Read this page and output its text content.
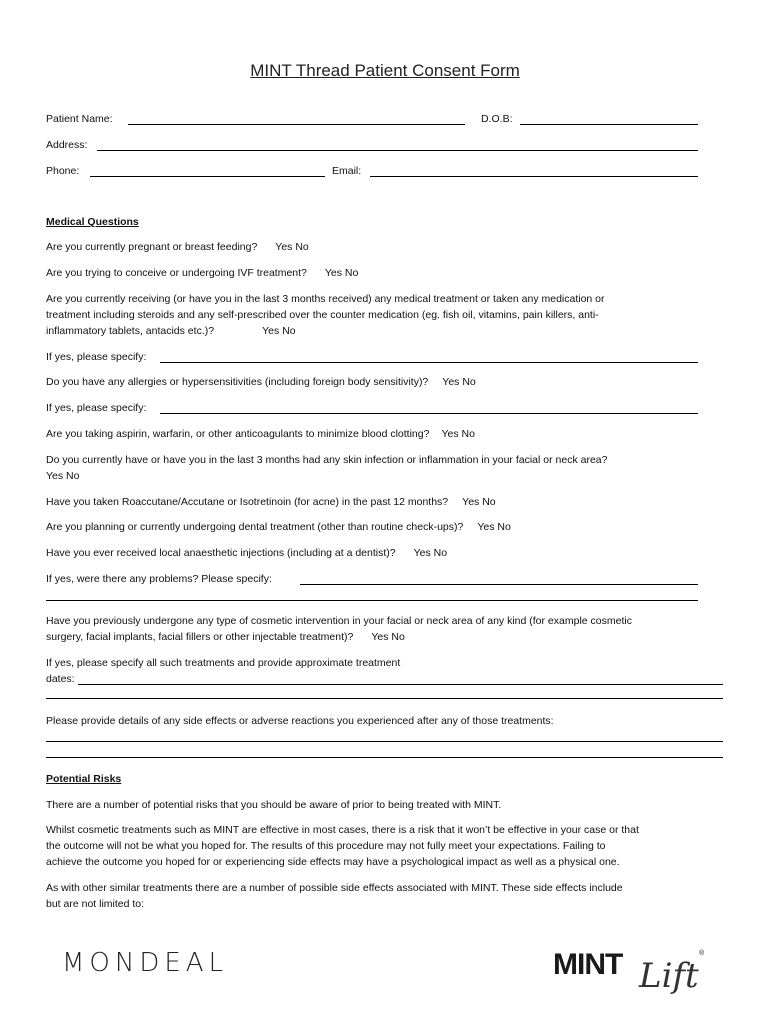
MINT Thread Patient Consent Form
Patient Name:	D.O.B:
Address:
Phone:	Email:
Medical Questions
Are you currently pregnant or breast feeding? Yes No
Are you trying to conceive or undergoing IVF treatment? Yes No
Are you currently receiving (or have you in the last 3 months received) any medical treatment or taken any medication or
treatment including steroids and any self-prescribed over the counter medication (eg. fish oil, vitamins, pain killers, anti-
inflammatory tablets, antacids etc.)?	Yes No
If yes, please specify:
Do you have any allergies or hypersensitivities (including foreign body sensitivity)? Yes No
If yes, please specify:
Are you taking aspirin, warfarin, or other anticoagulants to minimize blood clotting? Yes No
Do you currently have or have you in the last 3 months had any skin infection or inflammation in your facial or neck area?
Yes No
Have you taken Roaccutane/Accutane or Isotretinoin (for acne) in the past 12 months? Yes No
Are you planning or currently undergoing dental treatment (other than routine check-ups)? Yes No
Have you ever received local anaesthetic injections (including at a dentist)? Yes No
If yes, were there any problems? Please specify:
Have you previously undergone any type of cosmetic intervention in your facial or neck area of any kind (for example cosmetic
surgery, facial implants, facial fillers or other injectable treatment)? Yes No
If yes, please specify all such treatments and provide approximate treatment
dates:
Please provide details of any side effects or adverse reactions you experienced after any of those treatments:
Potential Risks
There are a number of potential risks that you should be aware of prior to being treated with MINT.
Whilst cosmetic treatments such as MINT are effective in most cases, there is a risk that it won’t be effective in your case or that
the outcome will not be what you hoped for. The results of this procedure may not fully meet your expectations. Failing to
achieve the outcome you hoped for or experiencing side effects may have a psychological impact as well as a physical one.
As with other similar treatments there are a number of possible side effects associated with MINT. These side effects include
but are not limited to:
MONDEAL	MINT Lift
®
